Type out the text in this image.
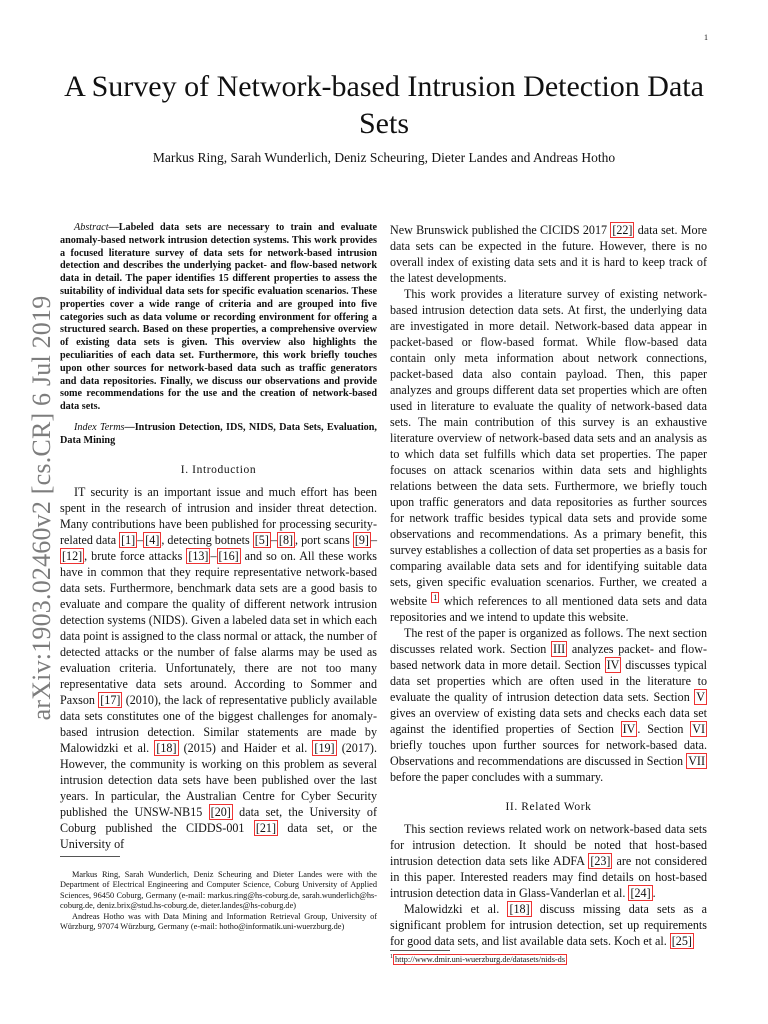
1
arXiv:1903.02460v2 [cs.CR] 6 Jul 2019
A Survey of Network-based Intrusion Detection Data Sets
Markus Ring, Sarah Wunderlich, Deniz Scheuring, Dieter Landes and Andreas Hotho

Abstract—Labeled data sets are necessary to train and evaluate anomaly-based network intrusion detection systems. This work provides a focused literature survey of data sets for network-based intrusion detection and describes the underlying packet- and flow-based network data in detail. The paper identifies 15 different properties to assess the suitability of individual data sets for specific evaluation scenarios. These properties cover a wide range of criteria and are grouped into five categories such as data volume or recording environment for offering a structured search. Based on these properties, a comprehensive overview of existing data sets is given. This overview also highlights the peculiarities of each data set. Furthermore, this work briefly touches upon other sources for network-based data such as traffic generators and data repositories. Finally, we discuss our observations and provide some recommendations for the use and the creation of network-based data sets.

Index Terms—Intrusion Detection, IDS, NIDS, Data Sets, Evaluation, Data Mining

I. Introduction

IT security is an important issue and much effort has been spent in the research of intrusion and insider threat detection. Many contributions have been published for processing security-related data [1] – [4] , detecting botnets [5] – [8] , port scans [9] –[12] , brute force attacks [13] – [16] and so on. All these works have in common that they require representative network-based data sets. Furthermore, benchmark data sets are a good basis to evaluate and compare the quality of different network intrusion detection systems (NIDS). Given a labeled data set in which each data point is assigned to the class normal or attack, the number of detected attacks or the number of false alarms may be used as evaluation criteria. Unfortunately, there are not too many representative data sets around. According to Sommer and Paxson [17] (2010), the lack of representative publicly available data sets constitutes one of the biggest challenges for anomaly-based intrusion detection. Similar statements are made by Malowidzki et al. [18] (2015) and Haider et al. [19] (2017). However, the community is working on this problem as several intrusion detection data sets have been published over the last years. In particular, the Australian Centre for Cyber Security published the UNSW-NB15 [20] data set, the University of Coburg published the CIDDS-001 [21] data set, or the University of

Markus Ring, Sarah Wunderlich, Deniz Scheuring and Dieter Landes were with the Department of Electrical Engineering and Computer Science, Coburg University of Applied Sciences, 96450 Coburg, Germany (e-mail: markus.ring@hs-coburg.de, sarah.wunderlich@hs-coburg.de, deniz.brix@stud.hs-coburg.de, dieter.landes@hs-coburg.de)

Andreas Hotho was with Data Mining and Information Retrieval Group, University of Würzburg, 97074 Würzburg, Germany (e-mail: hotho@informatik.uni-wuerzburg.de)

New Brunswick published the CICIDS 2017 [22] data set. More data sets can be expected in the future. However, there is no overall index of existing data sets and it is hard to keep track of the latest developments.

This work provides a literature survey of existing network-based intrusion detection data sets. At first, the underlying data are investigated in more detail. Network-based data appear in packet-based or flow-based format. While flow-based data contain only meta information about network connections, packet-based data also contain payload. Then, this paper analyzes and groups different data set properties which are often used in literature to evaluate the quality of network-based data sets. The main contribution of this survey is an exhaustive literature overview of network-based data sets and an analysis as to which data set fulfills which data set properties. The paper focuses on attack scenarios within data sets and highlights relations between the data sets. Furthermore, we briefly touch upon traffic generators and data repositories as further sources for network traffic besides typical data sets and provide some observations and recommendations. As a primary benefit, this survey establishes a collection of data set properties as a basis for comparing available data sets and for identifying suitable data sets, given specific evaluation scenarios. Further, we created a website $^1$ which references to all mentioned data sets and data repositories and we intend to update this website.

The rest of the paper is organized as follows. The next section discusses related work. Section III analyzes packet- and flow-based network data in more detail. Section IV discusses typical data set properties which are often used in the literature to evaluate the quality of intrusion detection data sets. Section V gives an overview of existing data sets and checks each data set against the identified properties of Section IV . Section VI briefly touches upon further sources for network-based data. Observations and recommendations are discussed in Section VII before the paper concludes with a summary.

II. Related Work

This section reviews related work on network-based data sets for intrusion detection. It should be noted that host-based intrusion detection data sets like ADFA [23] are not considered in this paper. Interested readers may find details on host-based intrusion detection data in Glass-Vanderlan et al. [24] .

Malowidzki et al. [18] discuss missing data sets as a significant problem for intrusion detection, set up requirements for good data sets, and list available data sets. Koch et al. [25]

$^1$ http://www.dmir.uni-wuerzburg.de/datasets/nids-ds
